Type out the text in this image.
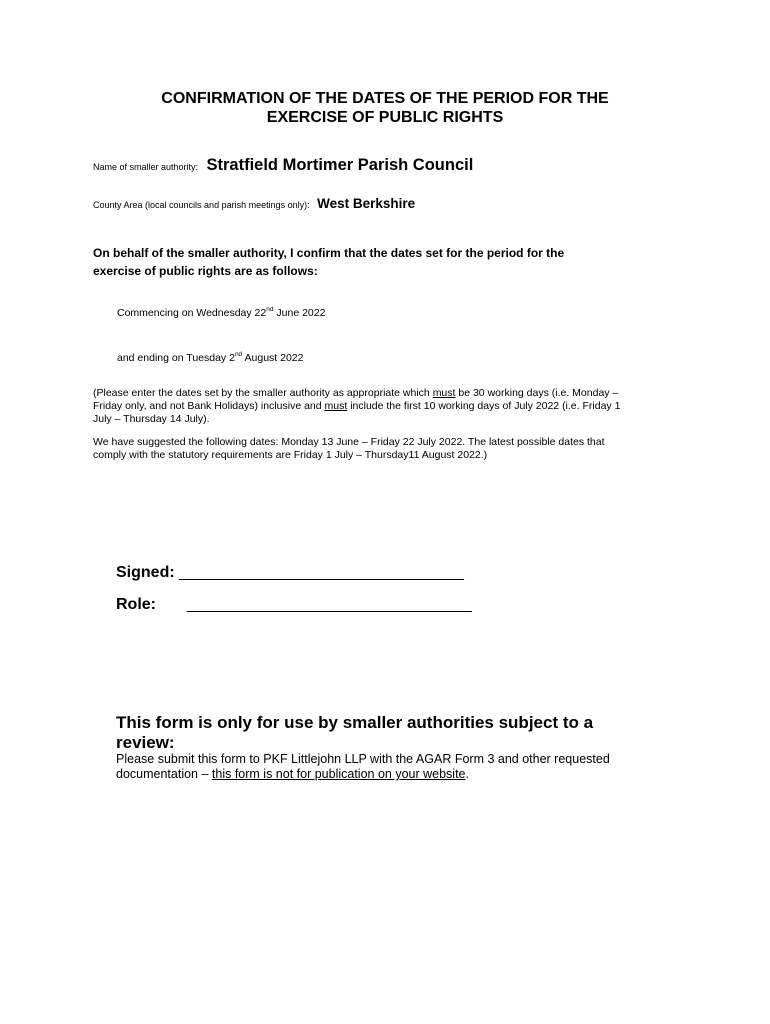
CONFIRMATION OF THE DATES OF THE PERIOD FOR THE
EXERCISE OF PUBLIC RIGHTS
Name of smaller authority: Stratfield Mortimer Parish Council
County Area (local councils and parish meetings only): West Berkshire
On behalf of the smaller authority, I confirm that the dates set for the period for the
exercise of public rights are as follows:
Commencing on Wednesday 22nd June 2022
and ending on Tuesday 2nd August 2022
(Please enter the dates set by the smaller authority as appropriate which must be 30 working days (i.e. Monday –
Friday only, and not Bank Holidays) inclusive and must include the first 10 working days of July 2022 (i.e. Friday 1
July – Thursday 14 July).
We have suggested the following dates: Monday 13 June – Friday 22 July 2022. The latest possible dates that
comply with the statutory requirements are Friday 1 July – Thursday11 August 2022.)
Signed: ________________________________
Role: ________________________________
This form is only for use by smaller authorities subject to a
review:
Please submit this form to PKF Littlejohn LLP with the AGAR Form 3 and other requested
documentation – this form is not for publication on your website.
